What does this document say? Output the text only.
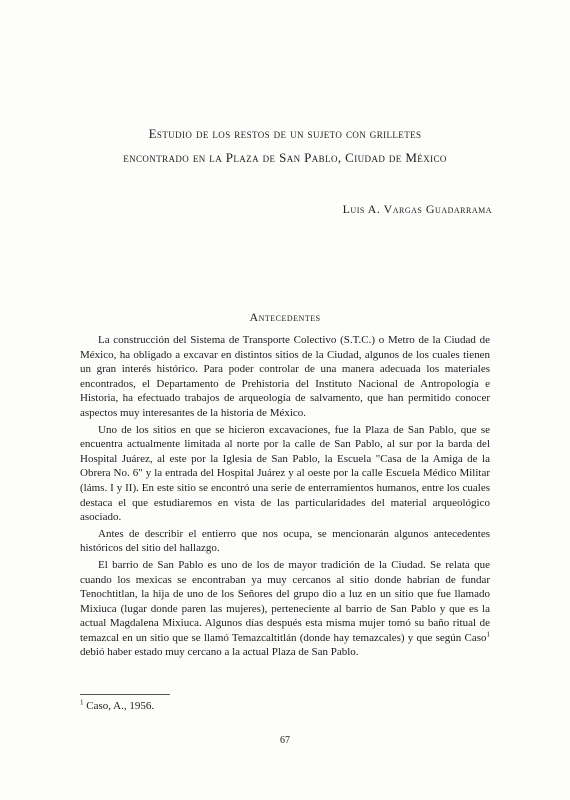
Estudio de los restos de un sujeto con grilletes
encontrado en la Plaza de San Pablo, Ciudad de México
Luis A. Vargas Guadarrama
Antecedentes

La construcción del Sistema de Transporte Colectivo (S.T.C.) o Metro de la Ciudad de México, ha obligado a excavar en distintos sitios de la Ciudad, algunos de los cuales tienen un gran interés histórico. Para poder controlar de una manera adecuada los materiales encontrados, el Departamento de Prehistoria del Instituto Nacional de Antropología e Historia, ha efectuado trabajos de arqueología de salvamento, que han permitido conocer aspectos muy interesantes de la historia de México.

Uno de los sitios en que se hicieron excavaciones, fue la Plaza de San Pablo, que se encuentra actualmente limitada al norte por la calle de San Pablo, al sur por la barda del Hospital Juárez, al este por la Iglesia de San Pablo, la Escuela "Casa de la Amiga de la Obrera No. 6" y la entrada del Hospital Juárez y al oeste por la calle Escuela Médico Militar (láms. I y II). En este sitio se encontró una serie de enterramientos humanos, entre los cuales destaca el que estudiaremos en vista de las particularidades del material arqueológico asociado.

Antes de describir el entierro que nos ocupa, se mencionarán algunos antecedentes históricos del sitio del hallazgo.

El barrio de San Pablo es uno de los de mayor tradición de la Ciudad. Se relata que cuando los mexicas se encontraban ya muy cercanos al sitio donde habrían de fundar Tenochtitlan, la hija de uno de los Señores del grupo dio a luz en un sitio que fue llamado Mixiuca (lugar donde paren las mujeres), perteneciente al barrio de San Pablo y que es la actual Magdalena Mixiuca. Algunos días después esta misma mujer tomó su baño ritual de temazcal en un sitio que se llamó Temazcaltitlán (donde hay temazcales) y que según Caso$^1$ debió haber estado muy cercano a la actual Plaza de San Pablo.

$^1$ Caso, A., 1956.
67
